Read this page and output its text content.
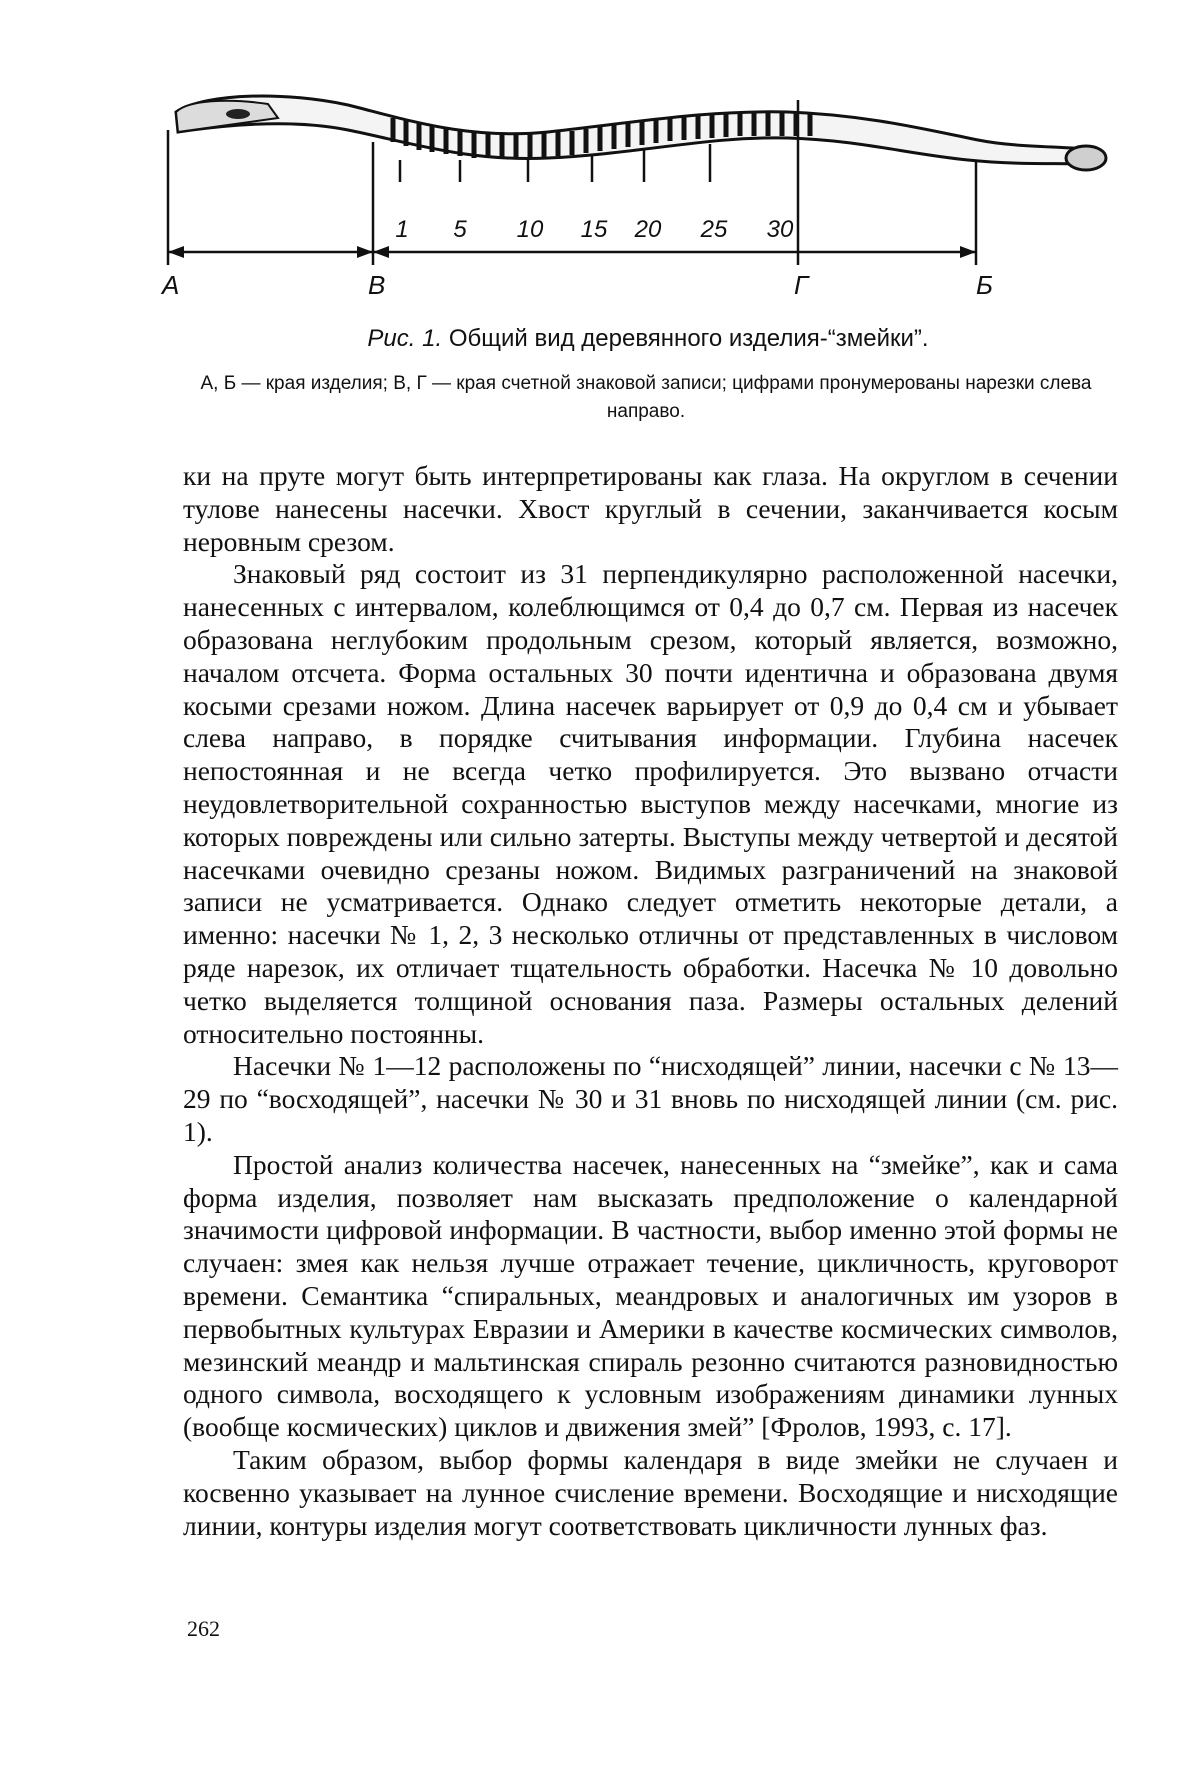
1 5 10 15 20 25 30
А	В	Г	Б
Рис. 1. Общий вид деревянного изделия-“змейки”.
А, Б — края изделия; В, Г — края счетной знаковой записи; цифрами пронумерованы нарезки слева направо.

ки на пруте могут быть интерпретированы как глаза. На округлом в сечении тулове нанесены насечки. Хвост круглый в сечении, заканчивается косым неровным срезом.

Знаковый ряд состоит из 31 перпендикулярно расположенной насечки, нанесенных с интервалом, колеблющимся от 0,4 до 0,7 см. Первая из насечек образована неглубоким продольным срезом, который является, возможно, началом отсчета. Форма остальных 30 почти идентична и образована двумя косыми срезами ножом. Длина насечек варьирует от 0,9 до 0,4 см и убывает слева направо, в порядке считывания информации. Глубина насечек непостоянная и не всегда четко профилируется. Это вызвано отчасти неудовлетворительной сохранностью выступов между насечками, многие из которых повреждены или сильно затерты. Выступы между четвертой и десятой насечками очевидно срезаны ножом. Видимых разграничений на знаковой записи не усматривается. Однако следует отметить некоторые детали, а именно: насечки № 1, 2, 3 несколько отличны от представленных в числовом ряде нарезок, их отличает тщательность обработки. Насечка № 10 довольно четко выделяется толщиной основания паза. Размеры остальных делений относительно постоянны.

Насечки № 1—12 расположены по “нисходящей” линии, насечки с № 13—29 по “восходящей”, насечки № 30 и 31 вновь по нисходящей линии (см. рис. 1).

Простой анализ количества насечек, нанесенных на “змейке”, как и сама форма изделия, позволяет нам высказать предположение о календарной значимости цифровой информации. В частности, выбор именно этой формы не случаен: змея как нельзя лучше отражает течение, цикличность, круговорот времени. Семантика “спиральных, меандровых и аналогичных им узоров в первобытных культурах Евразии и Америки в качестве космических символов, мезинский меандр и мальтинская спираль резонно считаются разновидностью одного символа, восходящего к условным изображениям динамики лунных (вообще космических) циклов и движения змей” [Фролов, 1993, с. 17].

Таким образом, выбор формы календаря в виде змейки не случаен и косвенно указывает на лунное счисление времени. Восходящие и нисходящие линии, контуры изделия могут соответствовать цикличности лунных фаз.

262
